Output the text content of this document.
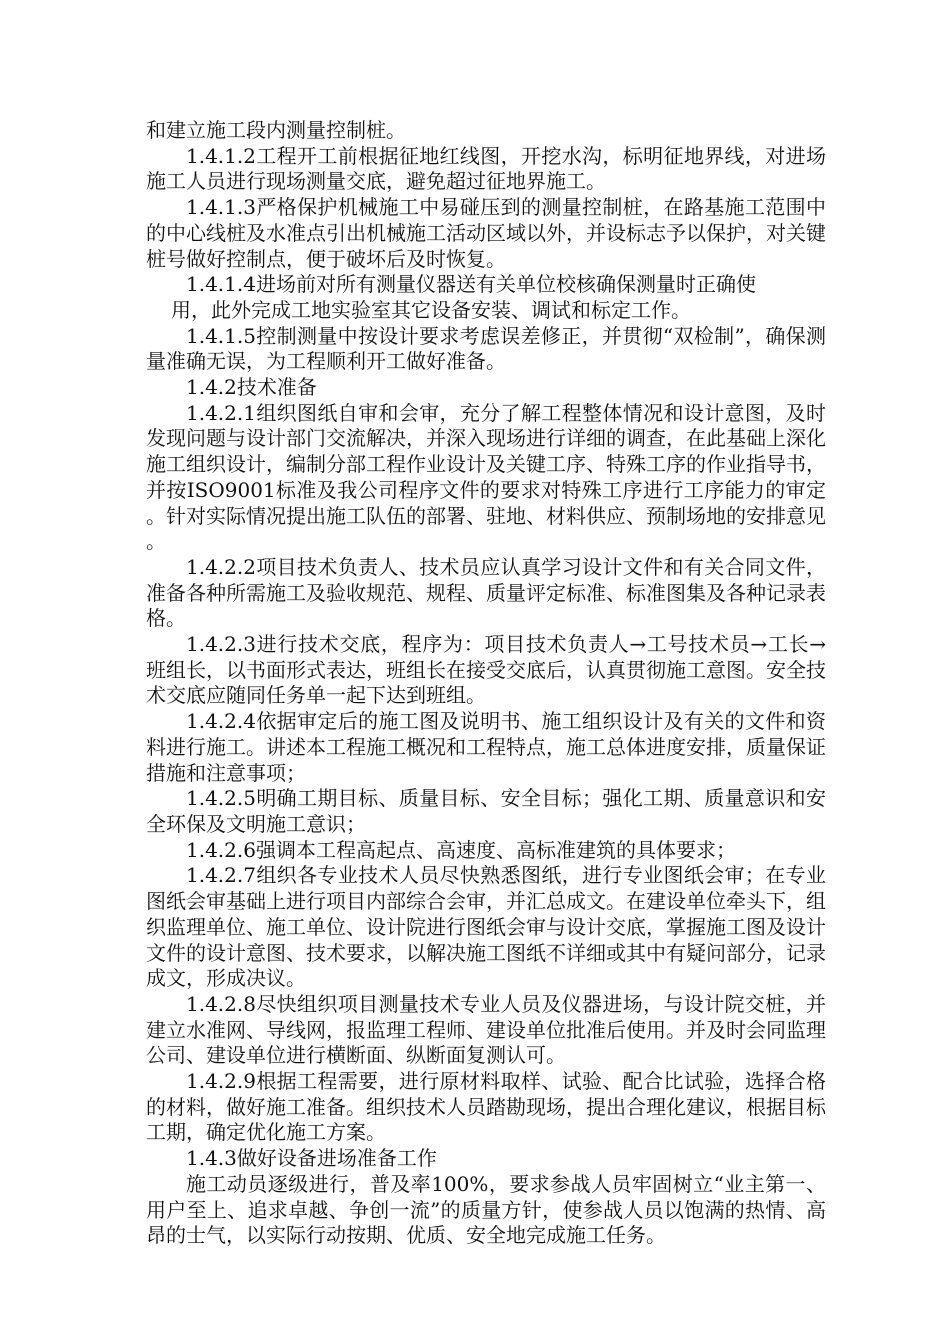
和建立施工段内测量控制桩。

1.4.1.2工程开工前根据征地红线图，开挖水沟，标明征地界线，对进场施工人员进行现场测量交底，避免超过征地界施工。

1.4.1.3严格保护机械施工中易碰压到的测量控制桩，在路基施工范围中的中心线桩及水准点引出机械施工活动区域以外，并设标志予以保护，对关键桩号做好控制点，便于破坏后及时恢复。

1.4.1.4进场前对所有测量仪器送有关单位校核确保测量时正确使
用，此外完成工地实验室其它设备安装、调试和标定工作。

1.4.1.5控制测量中按设计要求考虑误差修正，并贯彻“双检制”，确保测量准确无误，为工程顺利开工做好准备。

1.4.2技术准备

1.4.2.1组织图纸自审和会审，充分了解工程整体情况和设计意图，及时发现问题与设计部门交流解决，并深入现场进行详细的调查，在此基础上深化施工组织设计，编制分部工程作业设计及关键工序、特殊工序的作业指导书，并按ISO9001标准及我公司程序文件的要求对特殊工序进行工序能力的审定。针对实际情况提出施工队伍的部署、驻地、材料供应、预制场地的安排意见。

1.4.2.2项目技术负责人、技术员应认真学习设计文件和有关合同文件，准备各种所需施工及验收规范、规程、质量评定标准、标准图集及各种记录表格。

1.4.2.3进行技术交底，程序为：项目技术负责人→工号技术员→工长→班组长，以书面形式表达，班组长在接受交底后，认真贯彻施工意图。安全技术交底应随同任务单一起下达到班组。

1.4.2.4依据审定后的施工图及说明书、施工组织设计及有关的文件和资料进行施工。讲述本工程施工概况和工程特点，施工总体进度安排，质量保证措施和注意事项；

1.4.2.5明确工期目标、质量目标、安全目标；强化工期、质量意识和安全环保及文明施工意识；

1.4.2.6强调本工程高起点、高速度、高标准建筑的具体要求；

1.4.2.7组织各专业技术人员尽快熟悉图纸，进行专业图纸会审；在专业图纸会审基础上进行项目内部综合会审，并汇总成文。在建设单位牵头下，组织监理单位、施工单位、设计院进行图纸会审与设计交底，掌握施工图及设计文件的设计意图、技术要求，以解决施工图纸不详细或其中有疑问部分，记录成文，形成决议。

1.4.2.8尽快组织项目测量技术专业人员及仪器进场，与设计院交桩，并建立水准网、导线网，报监理工程师、建设单位批准后使用。并及时会同监理公司、建设单位进行横断面、纵断面复测认可。

1.4.2.9根据工程需要，进行原材料取样、试验、配合比试验，选择合格的材料，做好施工准备。组织技术人员踏勘现场，提出合理化建议，根据目标工期，确定优化施工方案。

1.4.3做好设备进场准备工作

施工动员逐级进行，普及率100%，要求参战人员牢固树立“业主第一、用户至上、追求卓越、争创一流”的质量方针，使参战人员以饱满的热情、高昂的士气，以实际行动按期、优质、安全地完成施工任务。
